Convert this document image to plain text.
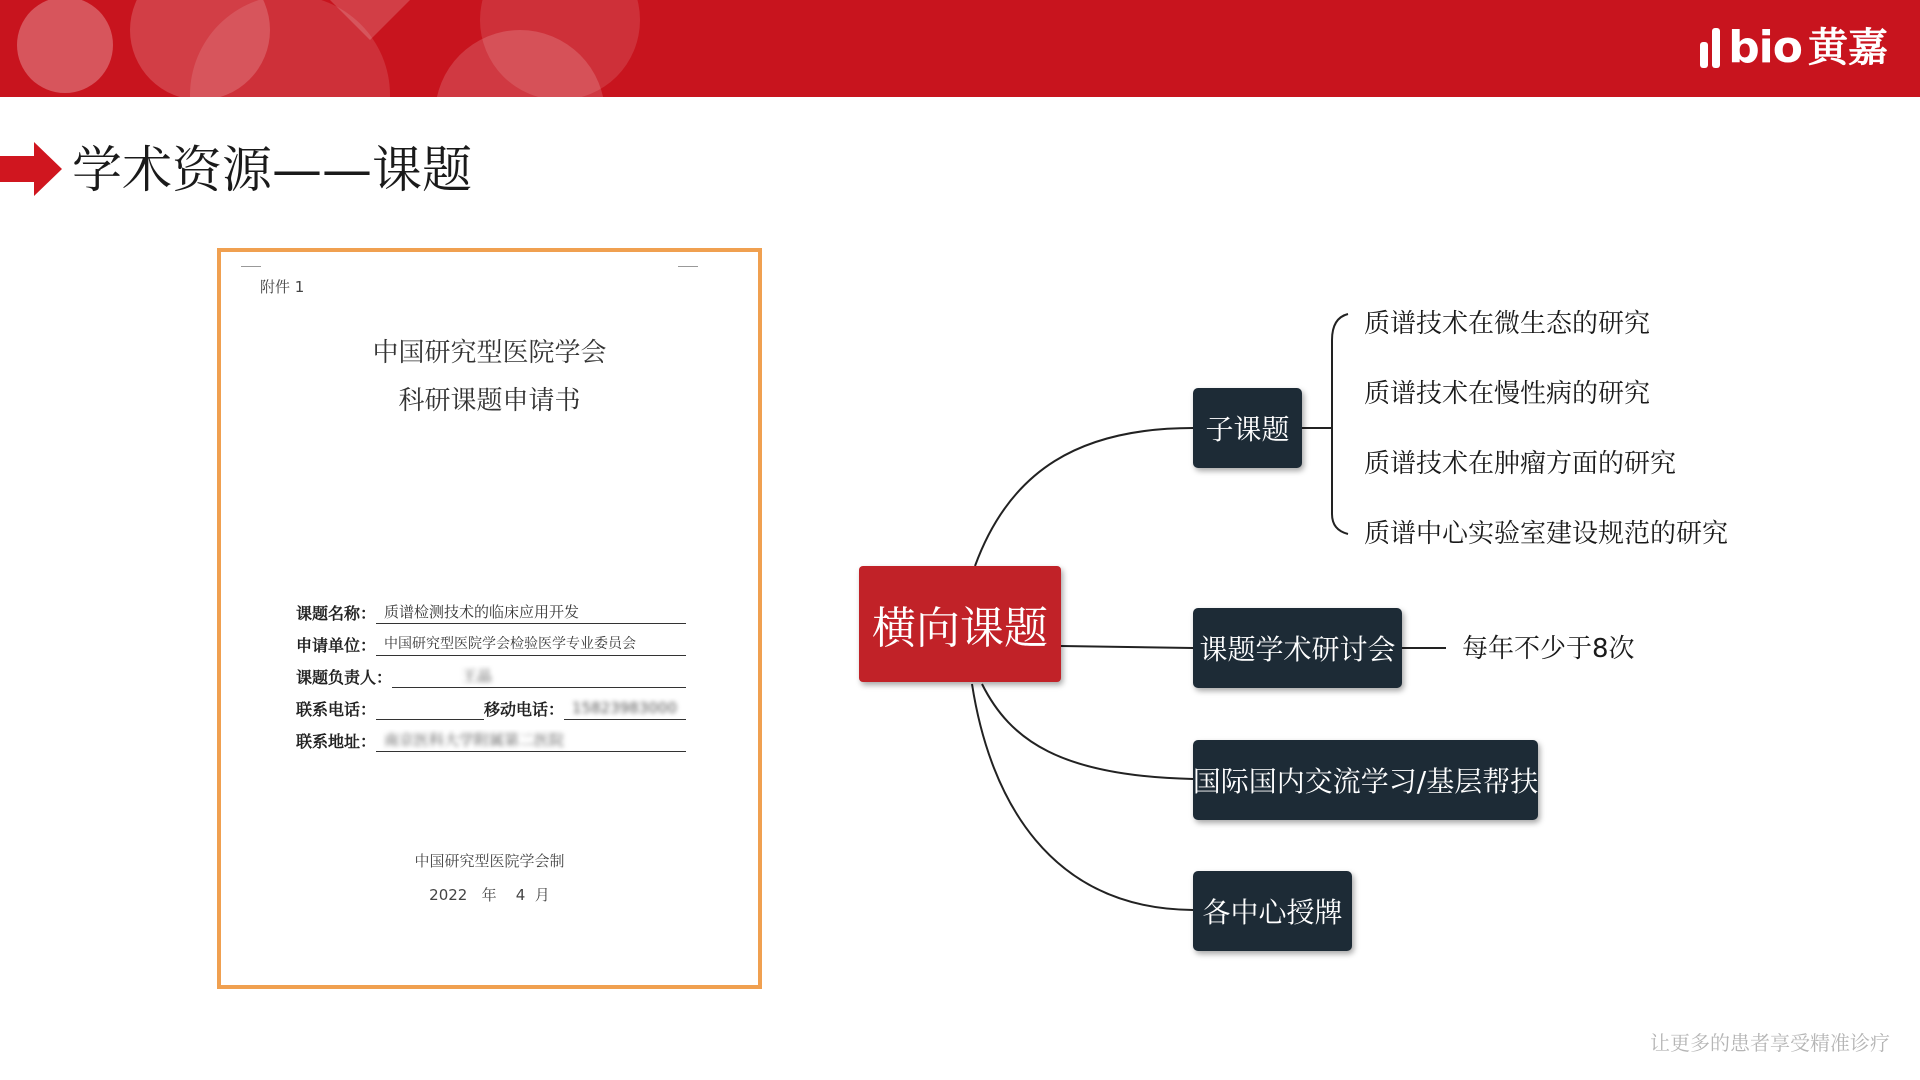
bio 黄嘉
学术资源——课题
附件 1
中国研究型医院学会
科研课题申请书
课题名称： 质谱检测技术的临床应用开发
申请单位： 中国研究型医院学会检验医学专业委员会
课题负责人：	王晶
联系电话：	移动电话： 15823983000
联系地址： 南京医科大学附属第二医院
中国研究型医院学会制
2022   年    4  月
横向课题
子课题
课题学术研讨会
国际国内交流学习/基层帮扶
各中心授牌
质谱技术在微生态的研究
质谱技术在慢性病的研究
质谱技术在肿瘤方面的研究
质谱中心实验室建设规范的研究
每年不少于8次
让更多的患者享受精准诊疗
